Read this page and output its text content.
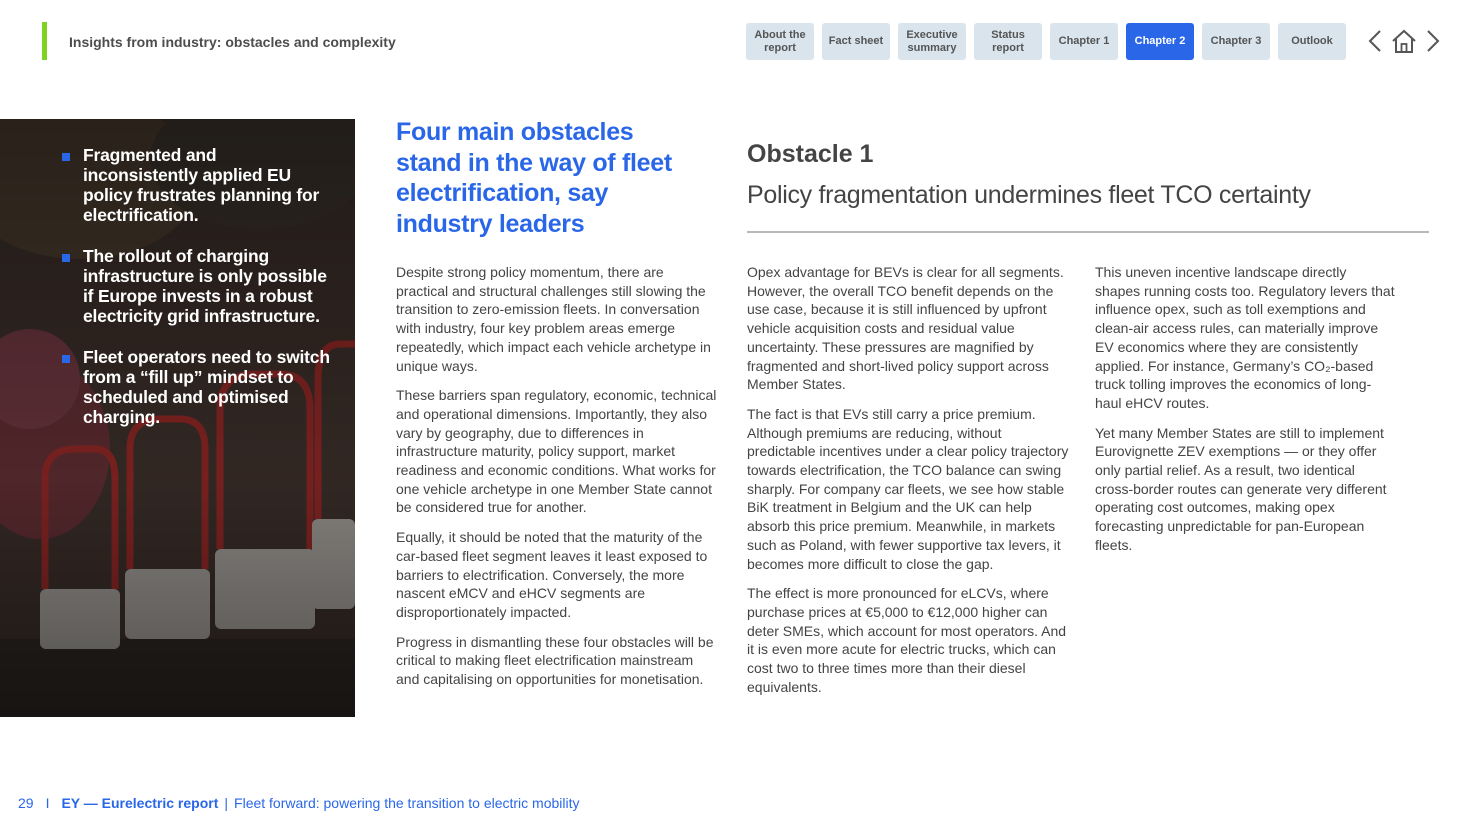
Insights from industry: obstacles and complexity	About the report
Fact sheet
Executive summary
Status report
Chapter 1	Chapter 2	Chapter 3	Outlook
Fragmented and inconsistently applied EU policy frustrates planning for electrification.
The rollout of charging infrastructure is only possible if Europe invests in a robust electricity grid infrastructure.
Fleet operators need to switch from a “fill up” mindset to scheduled and optimised charging.
Four main obstacles stand in the way of fleet electrification, say industry leaders
Obstacle 1
Policy fragmentation undermines fleet TCO certainty

Despite strong policy momentum, there are practical and structural challenges still slowing the transition to zero-emission fleets. In conversation with industry, four key problem areas emerge repeatedly, which impact each vehicle archetype in unique ways.

These barriers span regulatory, economic, technical and operational dimensions. Importantly, they also vary by geography, due to differences in infrastructure maturity, policy support, market readiness and economic conditions. What works for one vehicle archetype in one Member State cannot be considered true for another.

Equally, it should be noted that the maturity of the car-based fleet segment leaves it least exposed to barriers to electrification. Conversely, the more nascent eMCV and eHCV segments are disproportionately impacted.

Progress in dismantling these four obstacles will be critical to making fleet electrification mainstream and capitalising on opportunities for monetisation.

Opex advantage for BEVs is clear for all segments. However, the overall TCO benefit depends on the use case, because it is still influenced by upfront vehicle acquisition costs and residual value uncertainty. These pressures are magnified by fragmented and short-lived policy support across Member States.

The fact is that EVs still carry a price premium. Although premiums are reducing, without predictable incentives under a clear policy trajectory towards electrification, the TCO balance can swing sharply. For company car fleets, we see how stable BiK treatment in Belgium and the UK can help absorb this price premium. Meanwhile, in markets such as Poland, with fewer supportive tax levers, it becomes more difficult to close the gap.

The effect is more pronounced for eLCVs, where purchase prices at €5,000 to €12,000 higher can deter SMEs, which account for most operators. And it is even more acute for electric trucks, which can cost two to three times more than their diesel equivalents.

This uneven incentive landscape directly shapes running costs too. Regulatory levers that influence opex, such as toll exemptions and clean-air access rules, can materially improve EV economics where they are consistently applied. For instance, Germany’s CO₂-based truck tolling improves the economics of long-haul eHCV routes.

Yet many Member States are still to implement Eurovignette ZEV exemptions — or they offer only partial relief. As a result, two identical cross-border routes can generate very different operating cost outcomes, making opex forecasting unpredictable for pan-European fleets.

29 I EY — Eurelectric report | Fleet forward: powering the transition to electric mobility
